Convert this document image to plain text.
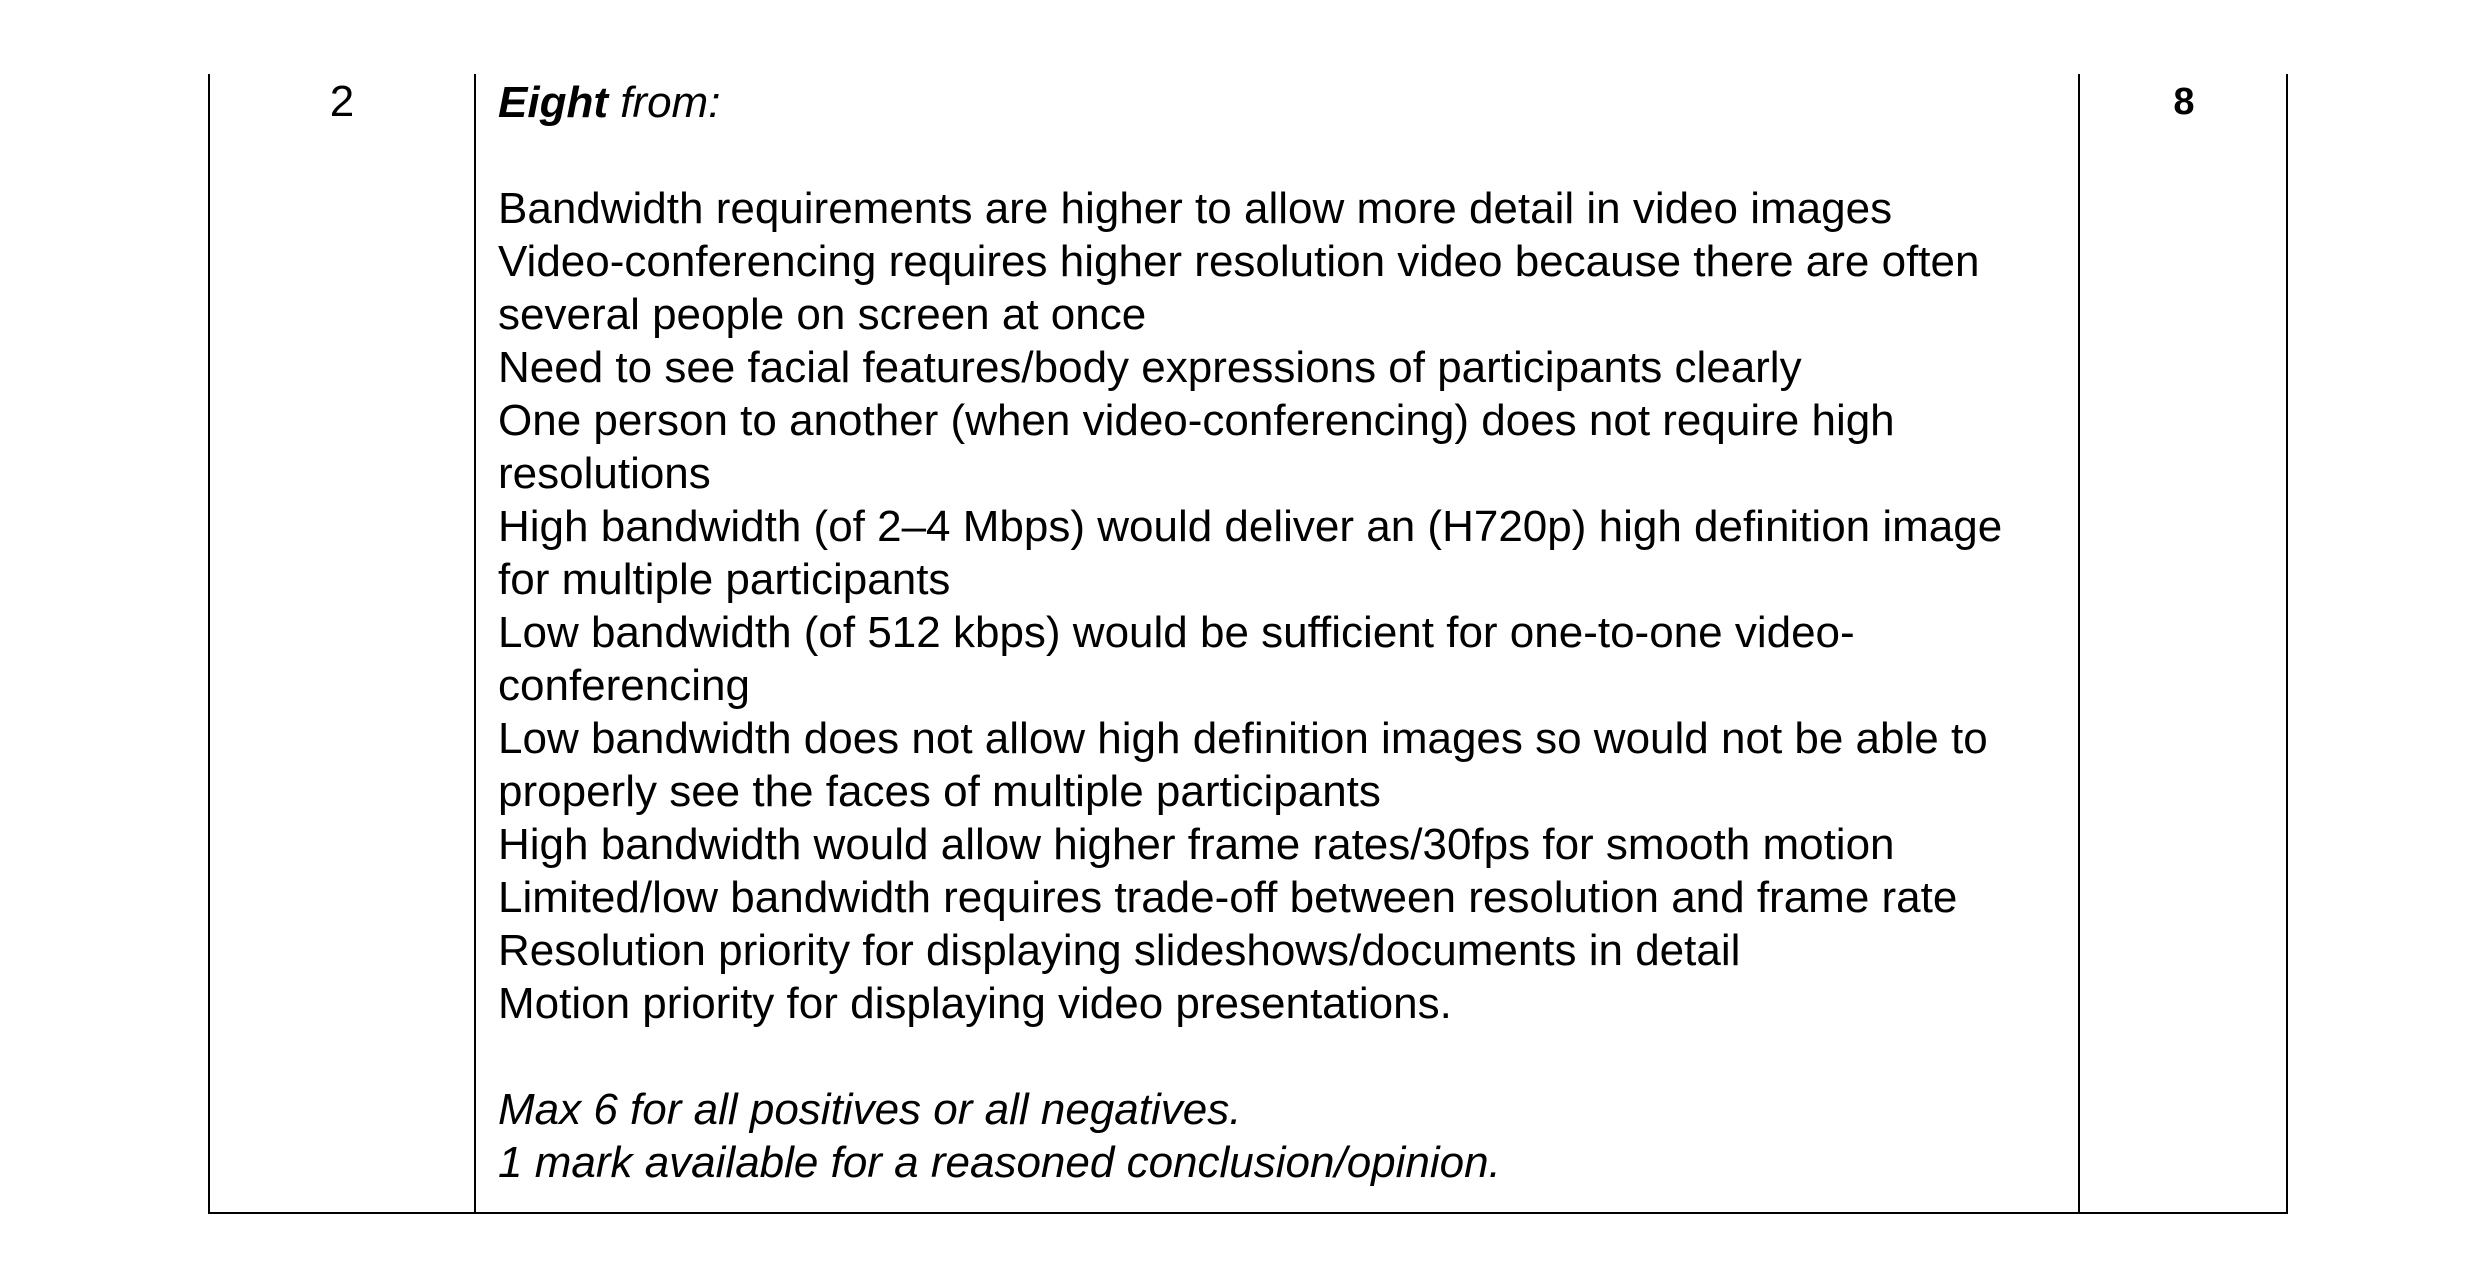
2	Eight from:

Bandwidth requirements are higher to allow more detail in video images

Video-conferencing requires higher resolution video because there are often several people on screen at once

Need to see facial features/body expressions of participants clearly

One person to another (when video-conferencing) does not require high resolutions

High bandwidth (of 2–4 Mbps) would deliver an (H720p) high definition image for multiple participants

Low bandwidth (of 512 kbps) would be sufficient for one-to-one video-conferencing

Low bandwidth does not allow high definition images so would not be able to properly see the faces of multiple participants

High bandwidth would allow higher frame rates/30fps for smooth motion

Limited/low bandwidth requires trade-off between resolution and frame rate

Resolution priority for displaying slideshows/documents in detail

Motion priority for displaying video presentations.

Max 6 for all positives or all negatives.

1 mark available for a reasoned conclusion/opinion.

8
